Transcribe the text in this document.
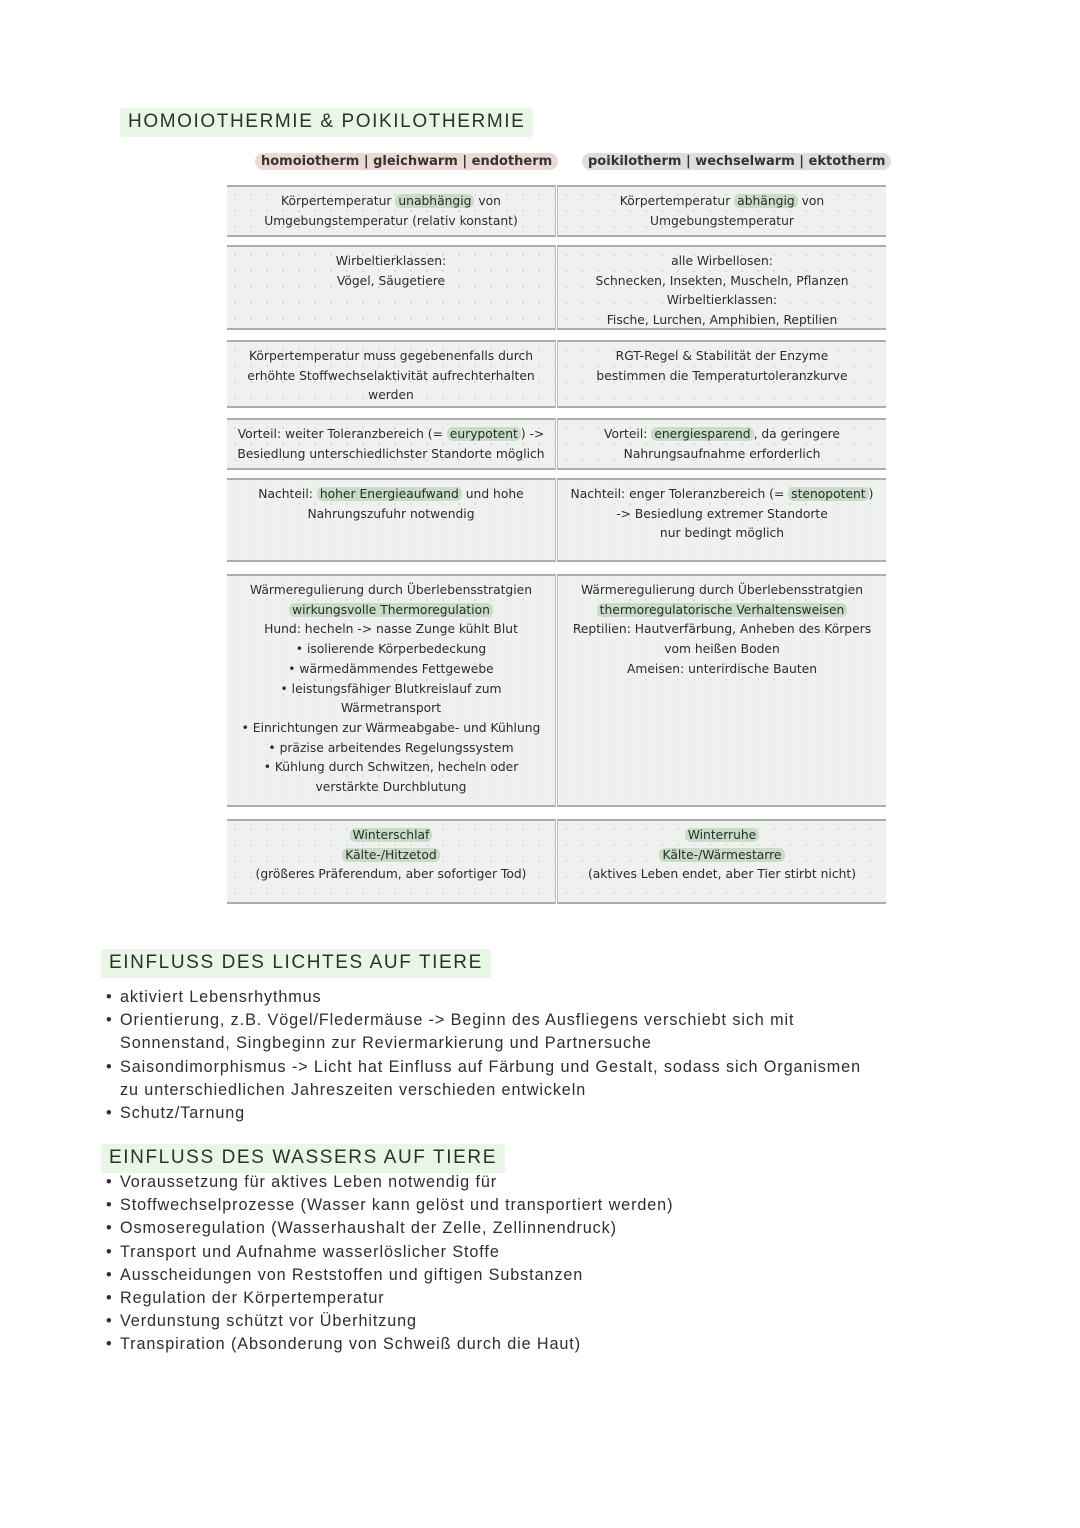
HOMOIOTHERMIE & POIKILOTHERMIE
homoiotherm | gleichwarm | endotherm	poikilotherm | wechselwarm | ektotherm
Körpertemperatur unabhängig von
Umgebungstemperatur (relativ konstant)
Körpertemperatur abhängig von
Umgebungstemperatur
Wirbeltierklassen:
Vögel, Säugetiere
alle Wirbellosen:
Schnecken, Insekten, Muscheln, Pflanzen
Wirbeltierklassen:
Fische, Lurchen, Amphibien, Reptilien
Körpertemperatur muss gegebenenfalls durch
erhöhte Stoffwechselaktivität aufrechterhalten
werden
RGT-Regel & Stabilität der Enzyme
bestimmen die Temperaturtoleranzkurve
Vorteil: weiter Toleranzbereich (= eurypotent ) ->
Besiedlung unterschiedlichster Standorte möglich
Vorteil: energiesparend , da geringere
Nahrungsaufnahme erforderlich
Nachteil: hoher Energieaufwand und hohe
Nahrungszufuhr notwendig
Nachteil: enger Toleranzbereich (= stenopotent )
-> Besiedlung extremer Standorte
nur bedingt möglich
Wärmeregulierung durch Überlebensstratgien
wirkungsvolle Thermoregulation
Hund: hecheln -> nasse Zunge kühlt Blut
• isolierende Körperbedeckung
• wärmedämmendes Fettgewebe
• leistungsfähiger Blutkreislauf zum
Wärmetransport
• Einrichtungen zur Wärmeabgabe- und Kühlung
• präzise arbeitendes Regelungssystem
• Kühlung durch Schwitzen, hecheln oder
verstärkte Durchblutung
Wärmeregulierung durch Überlebensstratgien
thermoregulatorische Verhaltensweisen
Reptilien: Hautverfärbung, Anheben des Körpers
vom heißen Boden
Ameisen: unterirdische Bauten
Winterschlaf
Kälte-/Hitzetod
(größeres Präferendum, aber sofortiger Tod)
Winterruhe
Kälte-/Wärmestarre
(aktives Leben endet, aber Tier stirbt nicht)
EINFLUSS DES LICHTES AUF TIERE
• aktiviert Lebensrhythmus
• Orientierung, z.B. Vögel/Fledermäuse -> Beginn des Ausfliegens verschiebt sich mit
Sonnenstand, Singbeginn zur Reviermarkierung und Partnersuche
• Saisondimorphismus -> Licht hat Einfluss auf Färbung und Gestalt, sodass sich Organismen
zu unterschiedlichen Jahreszeiten verschieden entwickeln
• Schutz/Tarnung
EINFLUSS DES WASSERS AUF TIERE
• Voraussetzung für aktives Leben notwendig für
• Stoffwechselprozesse (Wasser kann gelöst und transportiert werden)
• Osmoseregulation (Wasserhaushalt der Zelle, Zellinnendruck)
• Transport und Aufnahme wasserlöslicher Stoffe
• Ausscheidungen von Reststoffen und giftigen Substanzen
• Regulation der Körpertemperatur
• Verdunstung schützt vor Überhitzung
• Transpiration (Absonderung von Schweiß durch die Haut)
